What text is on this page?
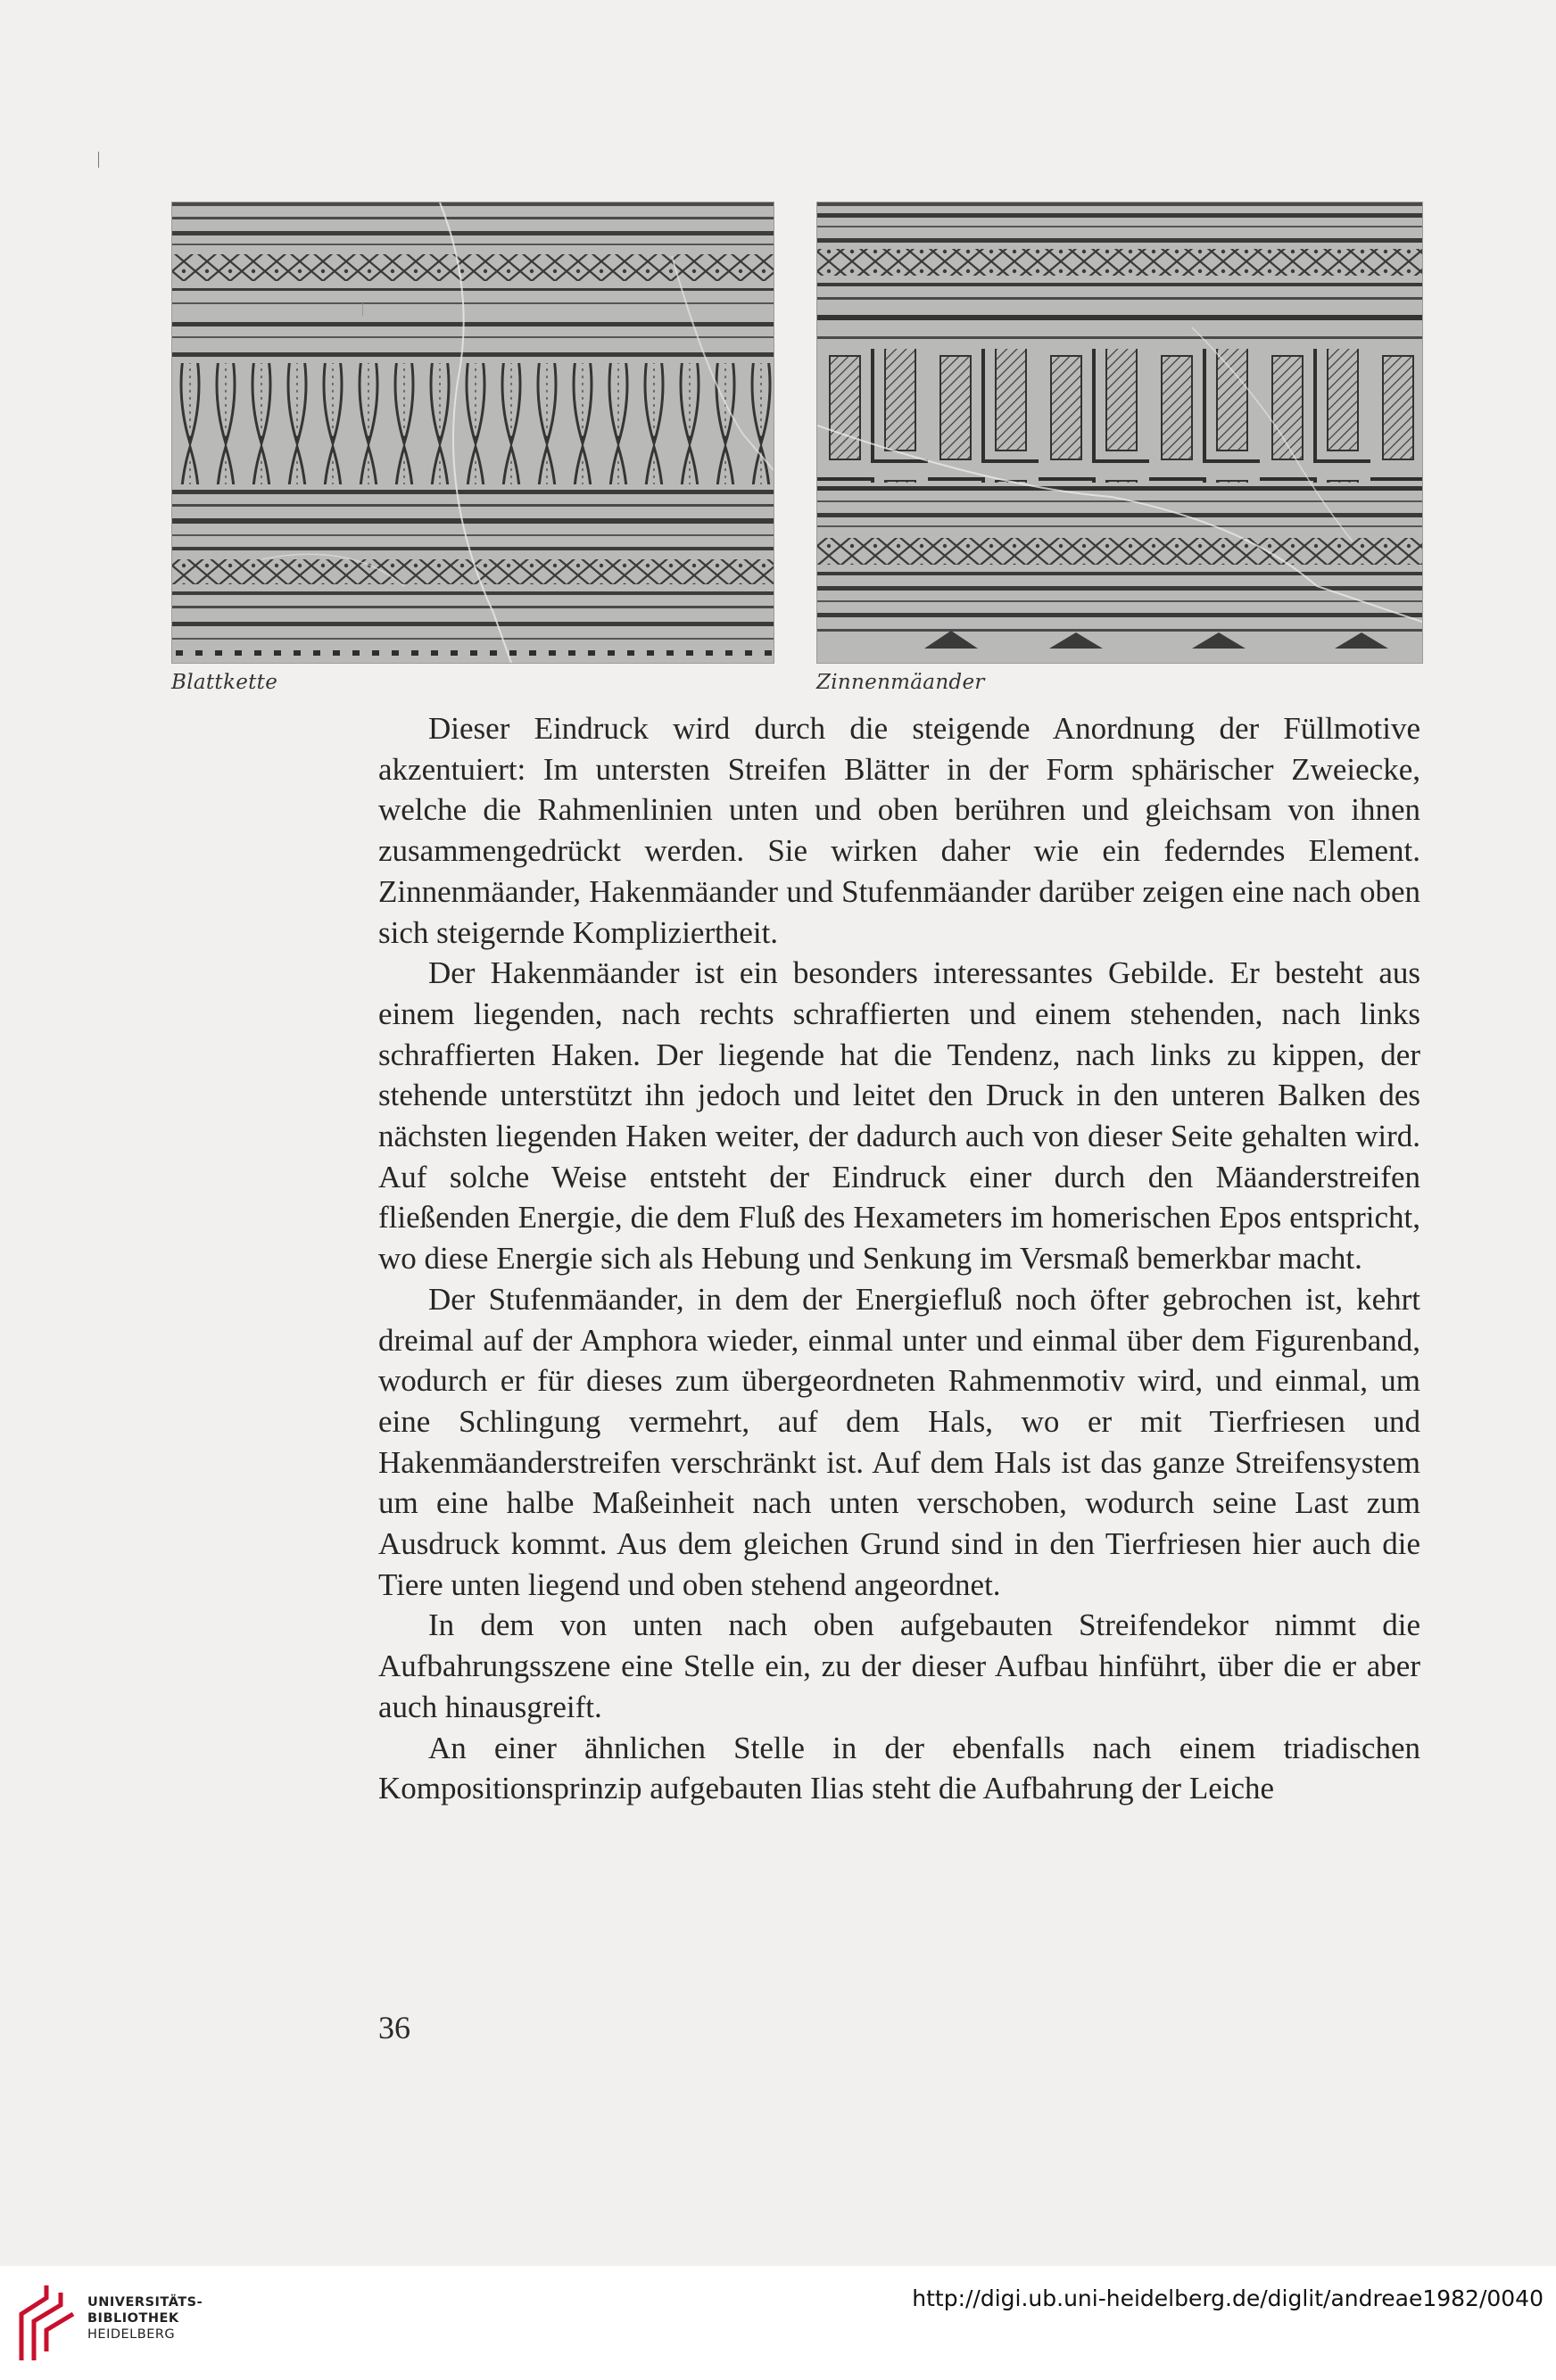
Blattkette	Zinnenmäander

Dieser Eindruck wird durch die steigende Anordnung der Füllmotive akzentuiert: Im untersten Streifen Blätter in der Form sphärischer Zweiecke, welche die Rahmenlinien unten und oben berühren und gleichsam von ihnen zusammengedrückt werden. Sie wirken daher wie ein federndes Element. Zinnenmäander, Hakenmäander und Stufenmäander darüber zeigen eine nach oben sich steigernde Kompliziertheit.

Der Hakenmäander ist ein besonders interessantes Gebilde. Er besteht aus einem liegenden, nach rechts schraffierten und einem stehenden, nach links schraffierten Haken. Der liegende hat die Tendenz, nach links zu kippen, der stehende unterstützt ihn jedoch und leitet den Druck in den unteren Balken des nächsten liegenden Haken weiter, der dadurch auch von dieser Seite gehalten wird. Auf solche Weise entsteht der Eindruck einer durch den Mäanderstreifen fließenden Energie, die dem Fluß des Hexameters im homerischen Epos entspricht, wo diese Energie sich als Hebung und Senkung im Versmaß bemerkbar macht.

Der Stufenmäander, in dem der Energiefluß noch öfter gebrochen ist, kehrt dreimal auf der Amphora wieder, einmal unter und einmal über dem Figurenband, wodurch er für dieses zum übergeordneten Rahmenmotiv wird, und einmal, um eine Schlingung vermehrt, auf dem Hals, wo er mit Tierfriesen und Hakenmäanderstreifen verschränkt ist. Auf dem Hals ist das ganze Streifensystem um eine halbe Maßeinheit nach unten verschoben, wodurch seine Last zum Ausdruck kommt. Aus dem gleichen Grund sind in den Tierfriesen hier auch die Tiere unten liegend und oben stehend angeordnet.

In dem von unten nach oben aufgebauten Streifendekor nimmt die Aufbahrungsszene eine Stelle ein, zu der dieser Aufbau hinführt, über die er aber auch hinausgreift.

An einer ähnlichen Stelle in der ebenfalls nach einem triadischen Kompositionsprinzip aufgebauten Ilias steht die Aufbahrung der Leiche

36
UNIVERSITÄTS-
BIBLIOTHEK
HEIDELBERG
http://digi.ub.uni-heidelberg.de/diglit/andreae1982/0040
